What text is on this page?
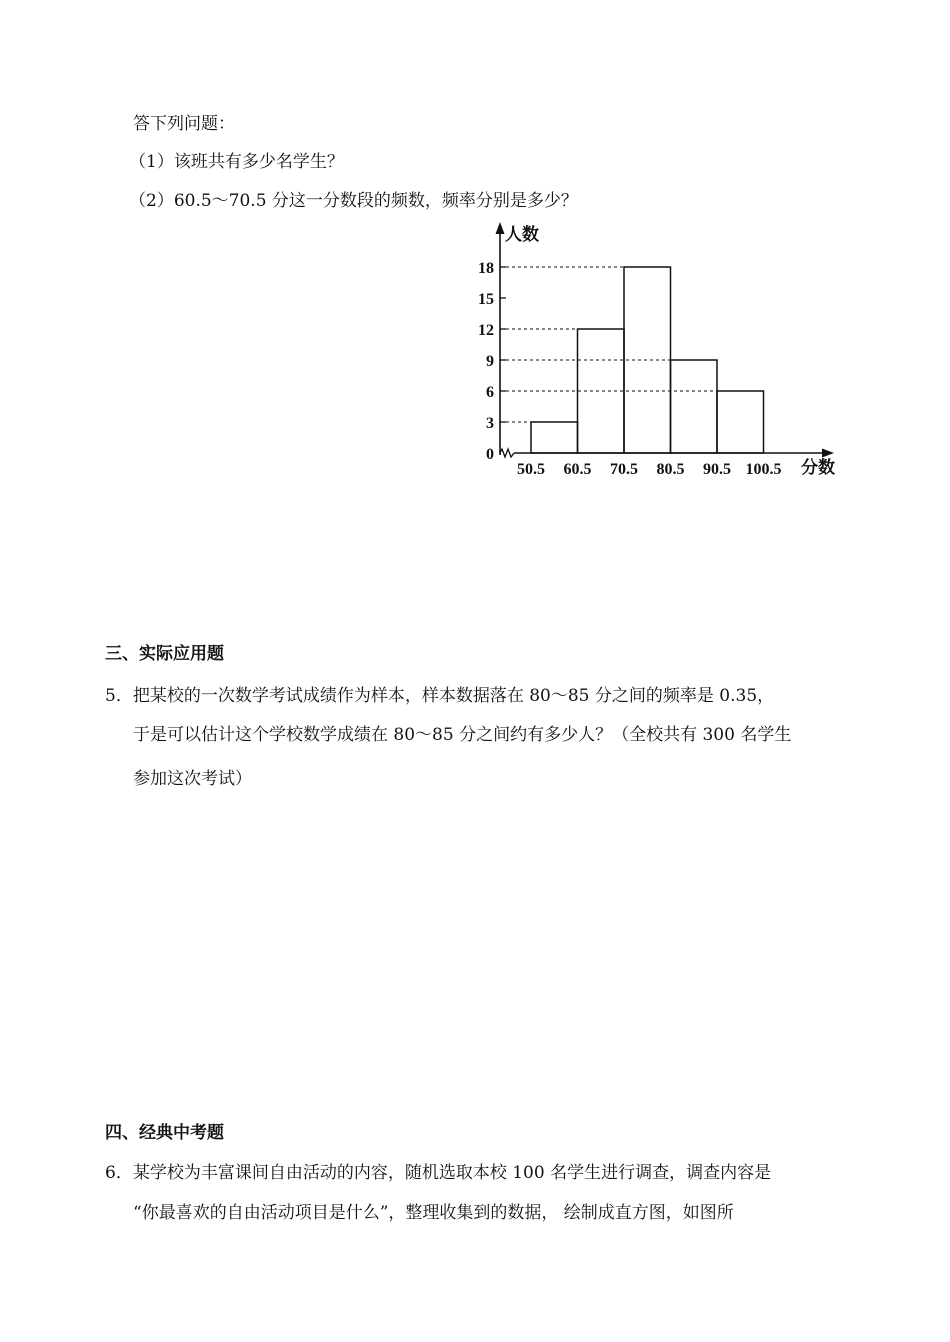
答下列问题：
（1）该班共有多少名学生？
（2）60.5～70.5 分这一分数段的频数，频率分别是多少？
人数
分数
0
3
6
9
12
15
18
50.5 60.5 70.5 80.5 90.5 100.5
三、实际应用题
5．把某校的一次数学考试成绩作为样本，样本数据落在 80～85 分之间的频率是 0.35，
于是可以估计这个学校数学成绩在 80～85 分之间约有多少人？（全校共有 300 名学生
参加这次考试）
四、经典中考题
6．某学校为丰富课间自由活动的内容，随机选取本校 100 名学生进行调查，调查内容是
“你最喜欢的自由活动项目是什么”，整理收集到的数据， 绘制成直方图，如图所
